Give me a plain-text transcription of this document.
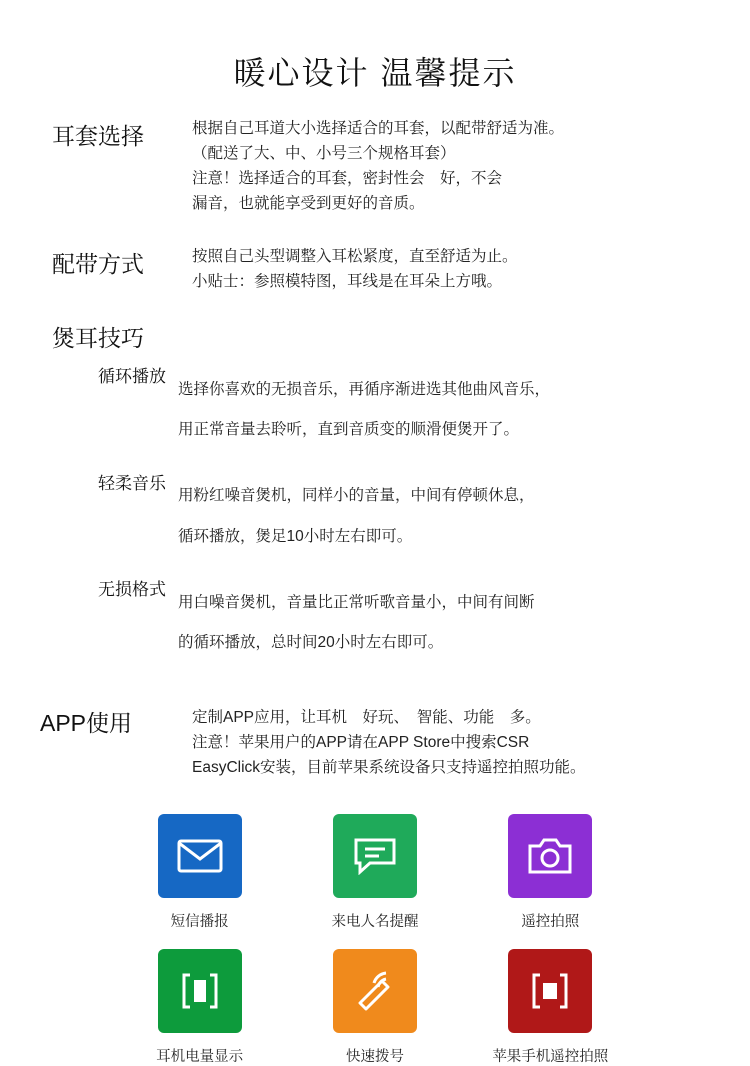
暖心设计 温馨提示
耳套选择	根据自己耳道大小选择适合的耳套，以配带舒适为准。

（配送了大、中、小号三个规格耳套）

注意！选择适合的耳套，密封性会　好，不会

漏音，也就能享受到更好的音质。

配带方式	按照自己头型调整入耳松紧度，直至舒适为止。

小贴士：参照模特图，耳线是在耳朵上方哦。

煲耳技巧
循环播放

选择你喜欢的无损音乐，再循序渐进选其他曲风音乐，

用正常音量去聆听，直到音质变的顺滑便煲开了。

轻柔音乐

用粉红噪音煲机，同样小的音量，中间有停顿休息，

循环播放，煲足10小时左右即可。

无损格式

用白噪音煲机，音量比正常听歌音量小，中间有间断

的循环播放，总时间20小时左右即可。

APP使用	定制APP应用，让耳机　好玩、　智能、功能　多。

注意！苹果用户的APP请在APP Store中搜索CSR

EasyClick安装，目前苹果系统设备只支持遥控拍照功能。

短信播报	来电人名提醒	遥控拍照
耳机电量显示	快速拨号	苹果手机遥控拍照
